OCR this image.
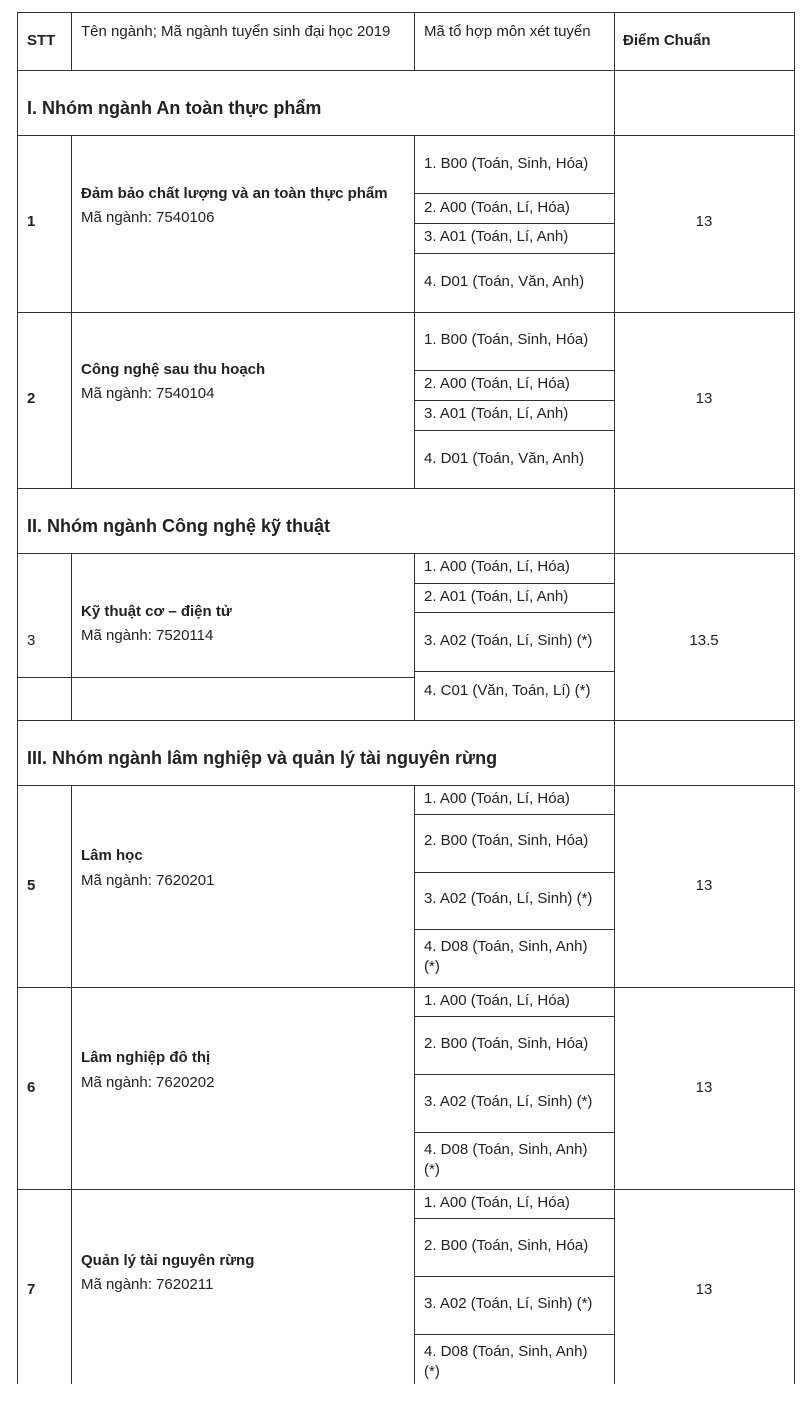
STT
Tên ngành; Mã ngành tuyển sinh đại học 2019	Mã tổ hợp môn xét tuyển
Điểm Chuẩn
I. Nhóm ngành An toàn thực phẩm
II. Nhóm ngành Công nghệ kỹ thuật
III. Nhóm ngành lâm nghiệp và quản lý tài nguyên rừng
1
Đảm bảo chất lượng và an toàn thực phẩm
Mã ngành: 7540106
1. B00 (Toán, Sinh, Hóa)
2. A00 (Toán, Lí, Hóa)
3. A01 (Toán, Lí, Anh)
4. D01 (Toán, Văn, Anh)
13
2
Công nghệ sau thu hoạch
Mã ngành: 7540104
1. B00 (Toán, Sinh, Hóa)
2. A00 (Toán, Lí, Hóa)
3. A01 (Toán, Lí, Anh)
4. D01 (Toán, Văn, Anh)
13
3
Kỹ thuật cơ – điện tử
Mã ngành: 7520114
1. A00 (Toán, Lí, Hóa)
2. A01 (Toán, Lí, Anh)
3. A02 (Toán, Lí, Sinh) (*)
4. C01 (Văn, Toán, Lí) (*)
13.5
5
Lâm học
Mã ngành: 7620201
1. A00 (Toán, Lí, Hóa)
2. B00 (Toán, Sinh, Hóa)
3. A02 (Toán, Lí, Sinh) (*)
4. D08 (Toán, Sinh, Anh) (*)
13
6
Lâm nghiệp đô thị
Mã ngành: 7620202
1. A00 (Toán, Lí, Hóa)
2. B00 (Toán, Sinh, Hóa)
3. A02 (Toán, Lí, Sinh) (*)
4. D08 (Toán, Sinh, Anh) (*)
13
7
Quản lý tài nguyên rừng
Mã ngành: 7620211
1. A00 (Toán, Lí, Hóa)
2. B00 (Toán, Sinh, Hóa)
3. A02 (Toán, Lí, Sinh) (*)
4. D08 (Toán, Sinh, Anh) (*)
13
